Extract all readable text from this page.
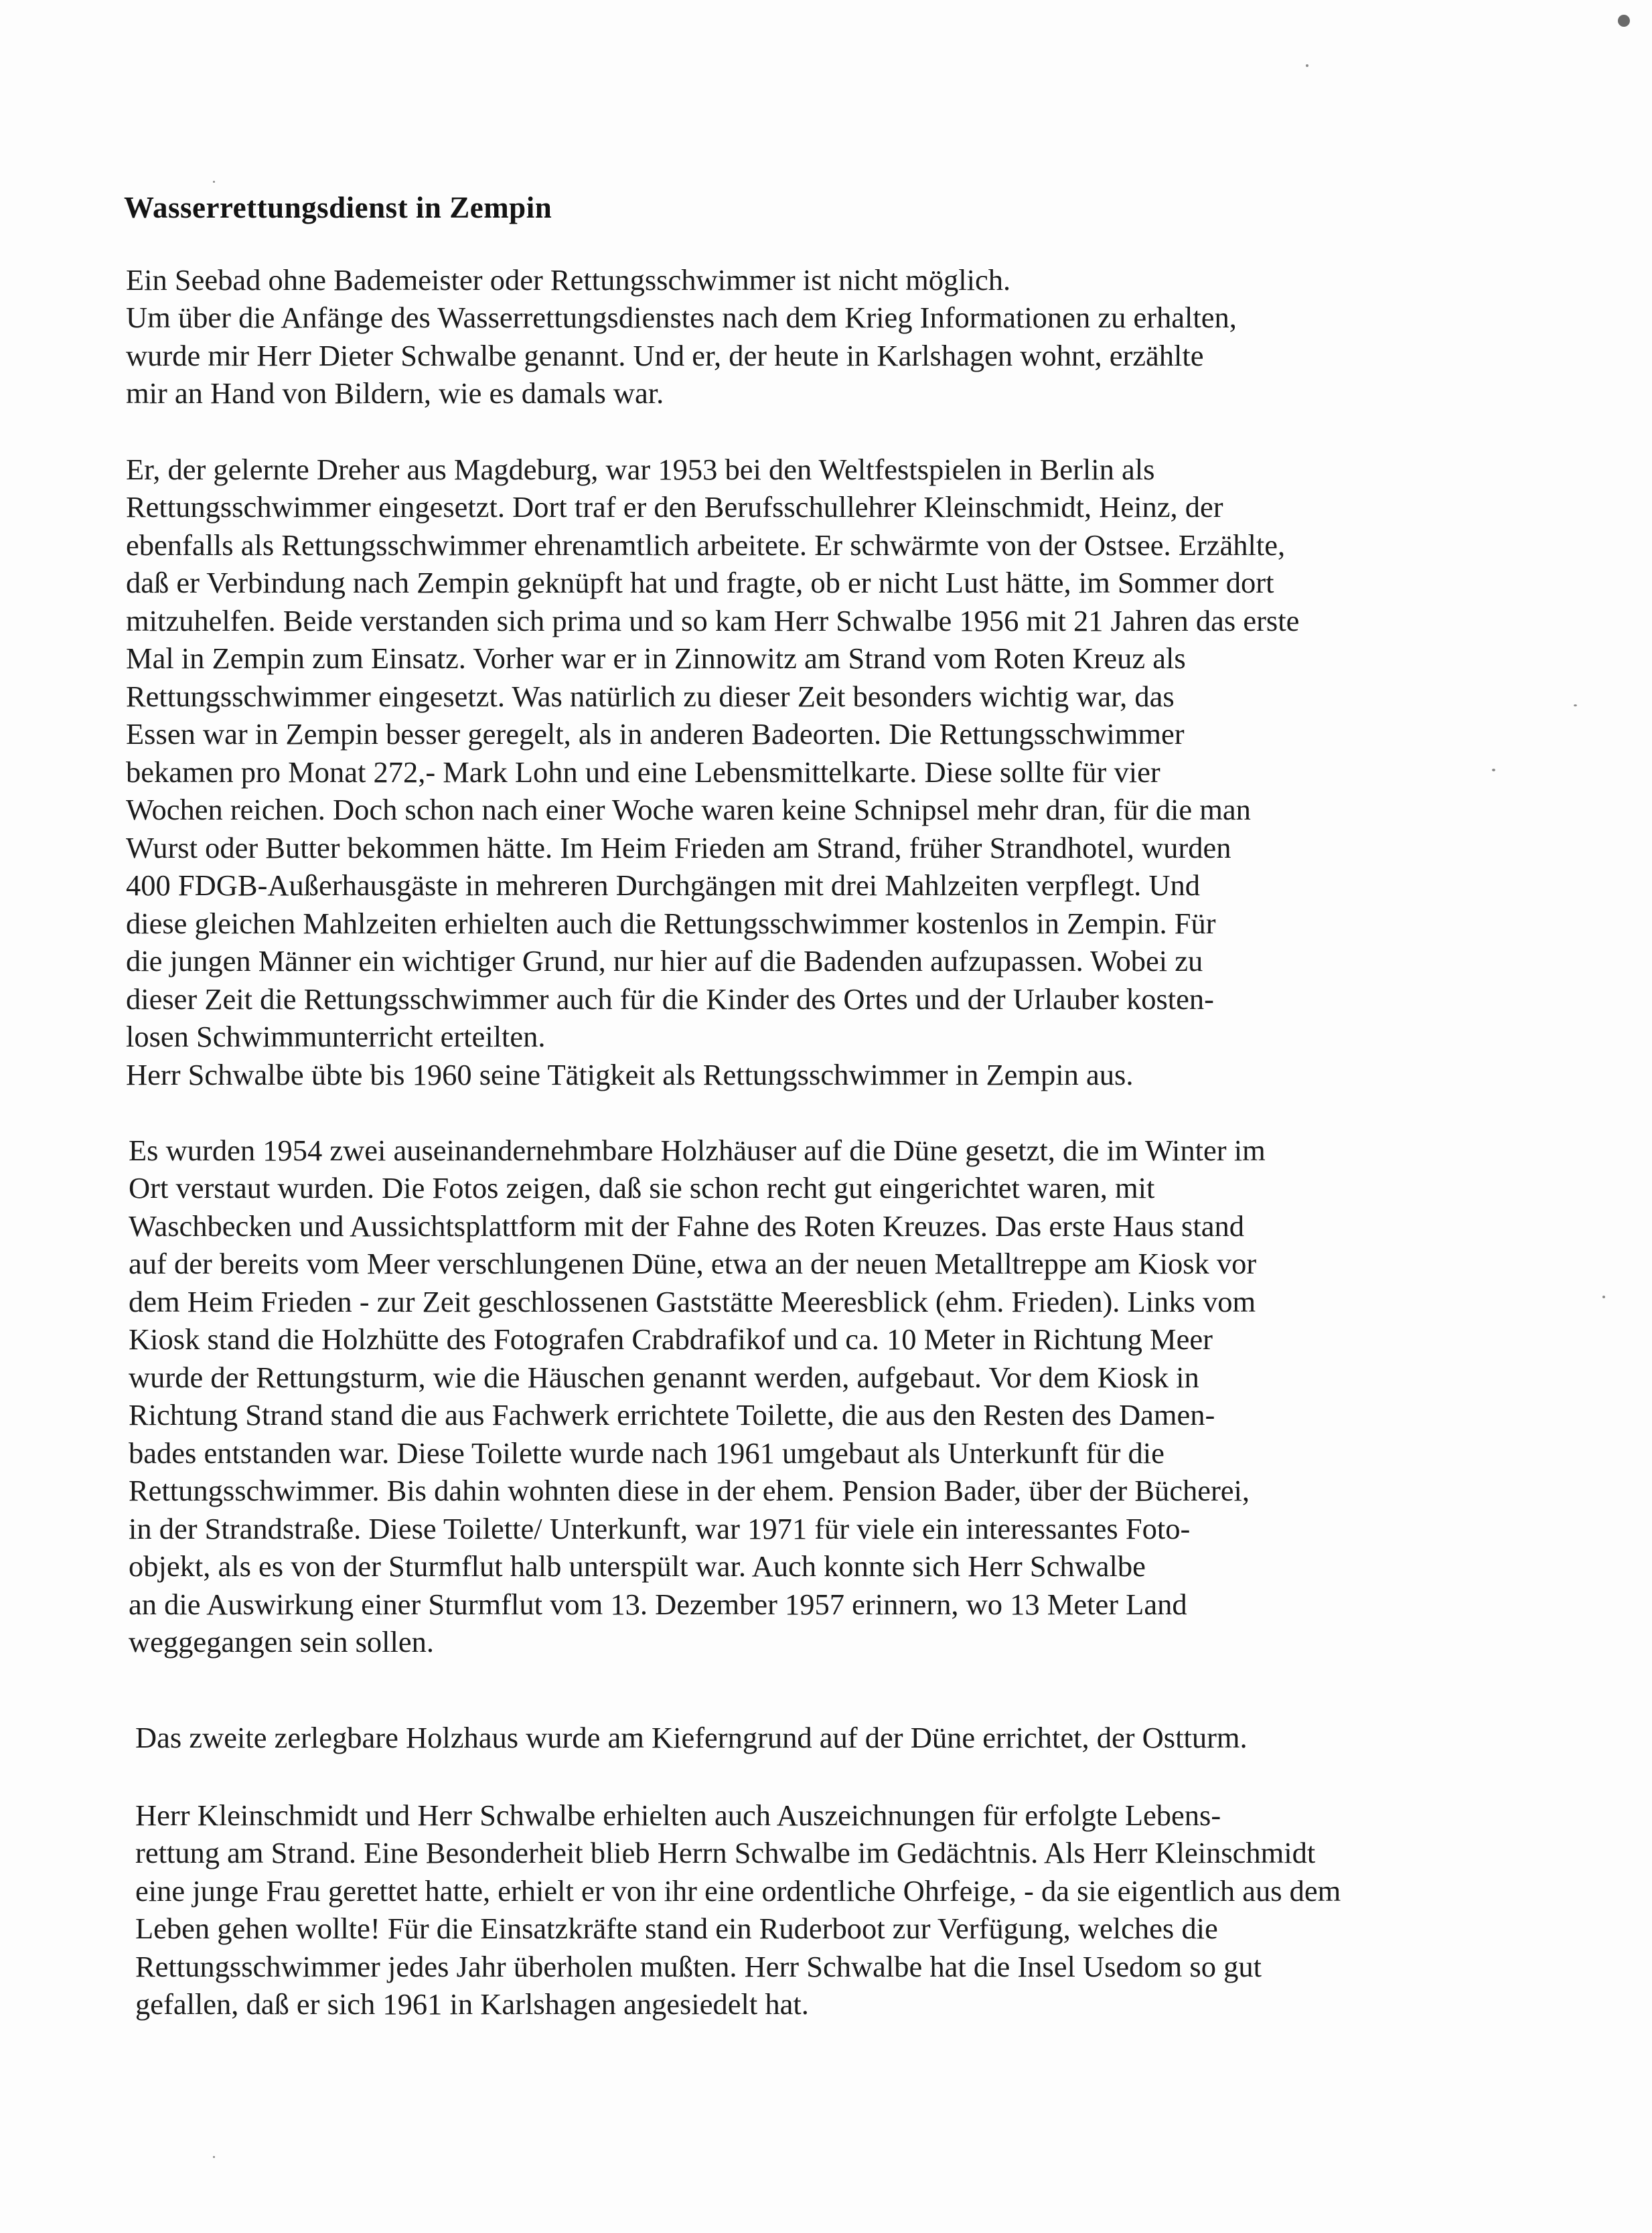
Wasserrettungsdienst in Zempin
Ein Seebad ohne Bademeister oder Rettungsschwimmer ist nicht möglich.
Um über die Anfänge des Wasserrettungsdienstes nach dem Krieg Informationen zu erhalten,
wurde mir Herr Dieter Schwalbe genannt. Und er, der heute in Karlshagen wohnt, erzählte
mir an Hand von Bildern, wie es damals war.
Er, der gelernte Dreher aus Magdeburg, war 1953 bei den Weltfestspielen in Berlin als
Rettungsschwimmer eingesetzt. Dort traf er den Berufsschullehrer Kleinschmidt, Heinz, der
ebenfalls als Rettungsschwimmer ehrenamtlich arbeitete. Er schwärmte von der Ostsee. Erzählte,
daß er Verbindung nach Zempin geknüpft hat und fragte, ob er nicht Lust hätte, im Sommer dort
mitzuhelfen. Beide verstanden sich prima und so kam Herr Schwalbe 1956 mit 21 Jahren das erste
Mal in Zempin zum Einsatz. Vorher war er in Zinnowitz am Strand vom Roten Kreuz als
Rettungsschwimmer eingesetzt. Was natürlich zu dieser Zeit besonders wichtig war, das
Essen war in Zempin besser geregelt, als in anderen Badeorten. Die Rettungsschwimmer
bekamen pro Monat 272,- Mark Lohn und eine Lebensmittelkarte. Diese sollte für vier
Wochen reichen. Doch schon nach einer Woche waren keine Schnipsel mehr dran, für die man
Wurst oder Butter bekommen hätte. Im Heim Frieden am Strand, früher Strandhotel, wurden
400 FDGB-Außerhausgäste in mehreren Durchgängen mit drei Mahlzeiten verpflegt. Und
diese gleichen Mahlzeiten erhielten auch die Rettungsschwimmer kostenlos in Zempin. Für
die jungen Männer ein wichtiger Grund, nur hier auf die Badenden aufzupassen. Wobei zu
dieser Zeit die Rettungsschwimmer auch für die Kinder des Ortes und der Urlauber kosten-
losen Schwimmunterricht erteilten.
Herr Schwalbe übte bis 1960 seine Tätigkeit als Rettungsschwimmer in Zempin aus.
Es wurden 1954 zwei auseinandernehmbare Holzhäuser auf die Düne gesetzt, die im Winter im
Ort verstaut wurden. Die Fotos zeigen, daß sie schon recht gut eingerichtet waren, mit
Waschbecken und Aussichtsplattform mit der Fahne des Roten Kreuzes. Das erste Haus stand
auf der bereits vom Meer verschlungenen Düne, etwa an der neuen Metalltreppe am Kiosk vor
dem Heim Frieden - zur Zeit geschlossenen Gaststätte Meeresblick (ehm. Frieden). Links vom
Kiosk stand die Holzhütte des Fotografen Crabdrafikof und ca. 10 Meter in Richtung Meer
wurde der Rettungsturm, wie die Häuschen genannt werden, aufgebaut. Vor dem Kiosk in
Richtung Strand stand die aus Fachwerk errichtete Toilette, die aus den Resten des Damen-
bades entstanden war. Diese Toilette wurde nach 1961 umgebaut als Unterkunft für die
Rettungsschwimmer. Bis dahin wohnten diese in der ehem. Pension Bader, über der Bücherei,
in der Strandstraße. Diese Toilette/ Unterkunft, war 1971 für viele ein interessantes Foto-
objekt, als es von der Sturmflut halb unterspült war. Auch konnte sich Herr Schwalbe
an die Auswirkung einer Sturmflut vom 13. Dezember 1957 erinnern, wo 13 Meter Land
weggegangen sein sollen.
Das zweite zerlegbare Holzhaus wurde am Kieferngrund auf der Düne errichtet, der Ostturm.
Herr Kleinschmidt und Herr Schwalbe erhielten auch Auszeichnungen für erfolgte Lebens-
rettung am Strand. Eine Besonderheit blieb Herrn Schwalbe im Gedächtnis. Als Herr Kleinschmidt
eine junge Frau gerettet hatte, erhielt er von ihr eine ordentliche Ohrfeige, - da sie eigentlich aus dem
Leben gehen wollte! Für die Einsatzkräfte stand ein Ruderboot zur Verfügung, welches die
Rettungsschwimmer jedes Jahr überholen mußten. Herr Schwalbe hat die Insel Usedom so gut
gefallen, daß er sich 1961 in Karlshagen angesiedelt hat.
